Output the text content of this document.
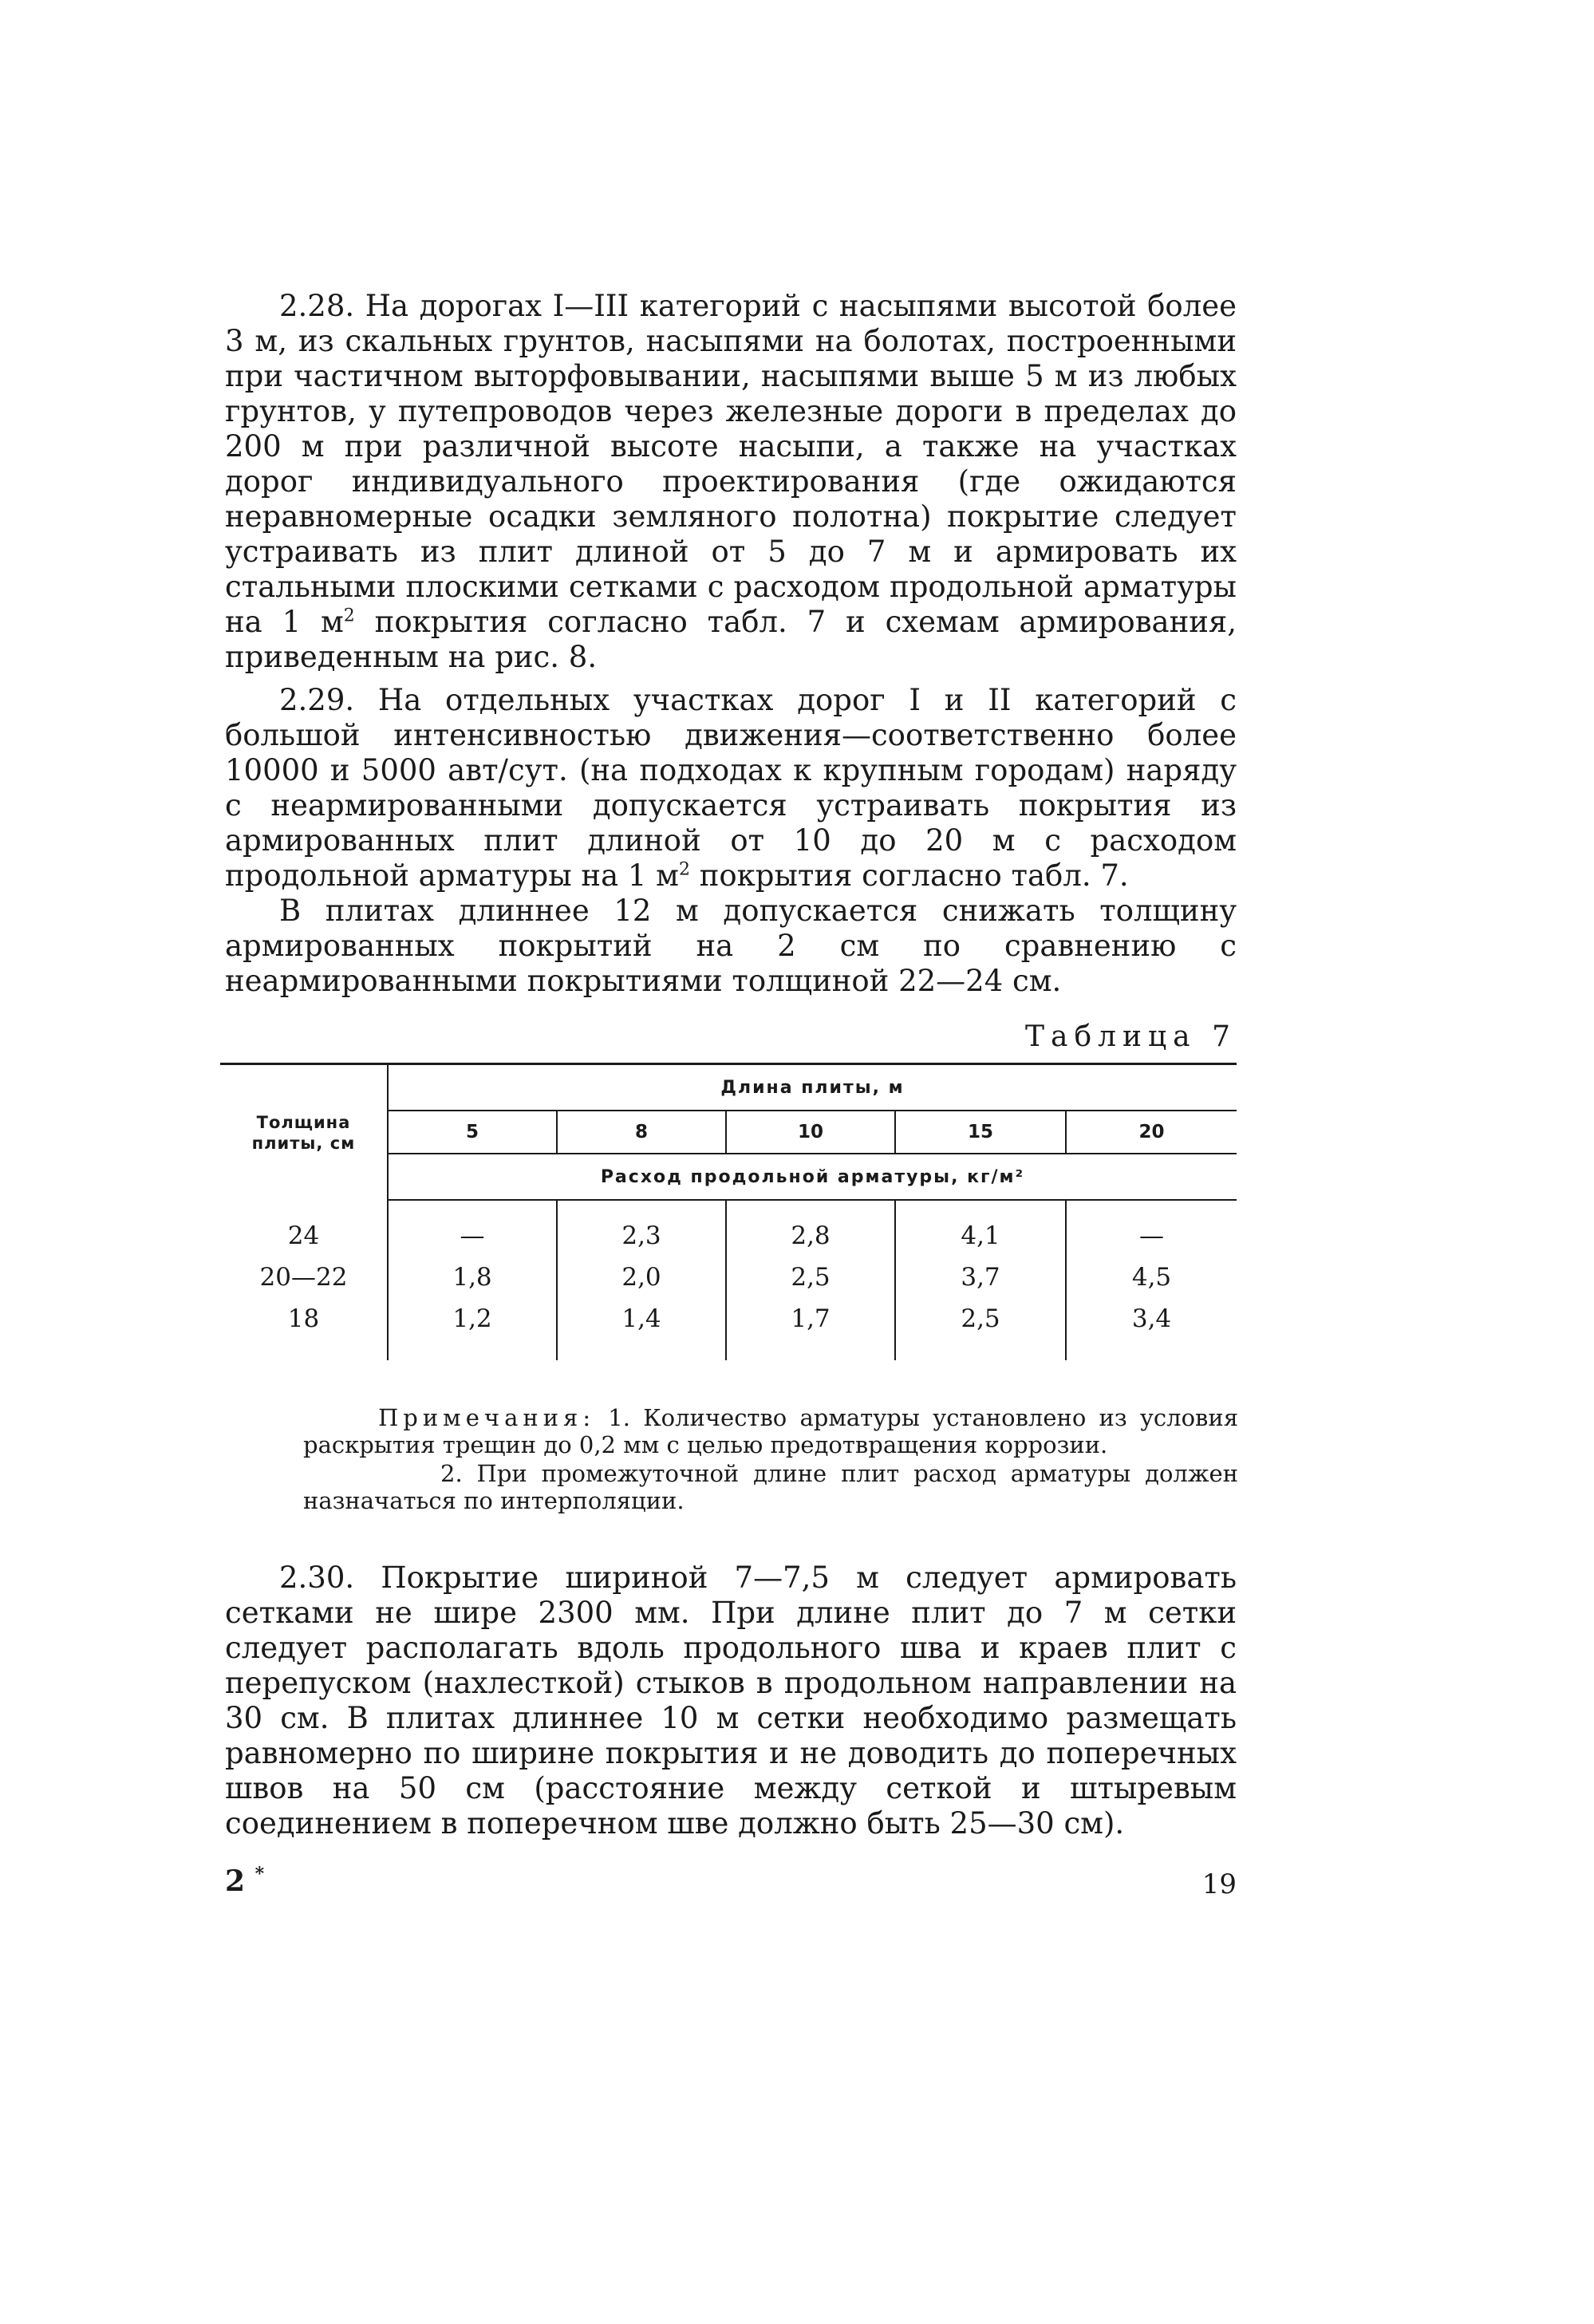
2.28. На дорогах I—III категорий с насыпями высотой более 3 м, из скальных грунтов, насыпями на болотах, построенными при частичном выторфовывании, насыпями выше 5 м из любых грунтов, у путепроводов через железные дороги в пределах до 200 м при различной высоте насыпи, а также на участках дорог индивидуального проектирования (где ожидаются неравномерные осадки земляного полотна) покрытие следует устраивать из плит длиной от 5 до 7 м и армировать их стальными плоскими сетками с расходом продольной арматуры на 1 $м^2$ покрытия согласно табл. 7 и схемам армирования, приведенным на рис. 8.

2.29. На отдельных участках дорог I и II категорий с большой интенсивностью движения—соответственно более 10000 и 5000 авт/сут. (на подходах к крупным городам) наряду с неармированными допускается устраивать покрытия из армированных плит длиной от 10 до 20 м с расходом продольной арматуры на 1 $м^2$ покрытия согласно табл. 7.

В плитах длиннее 12 м допускается снижать толщину армированных покрытий на 2 см по сравнению с неармированными покрытиями толщиной 22—24 см.

Таблица 7

Толщина плиты, см	Длина плиты, м				
	5	8	10	15	20
	Расход продольной арматуры, кг/м²				
24	—	2,3	2,8	4,1	—
20—22	1,8	2,0	2,5	3,7	4,5
18	1,2	1,4	1,7	2,5	3,4

Примечания: 1. Количество арматуры установлено из условия раскрытия трещин до 0,2 мм с целью предотвращения коррозии.

2. При промежуточной длине плит расход арматуры должен назначаться по интерполяции.

2.30. Покрытие шириной 7—7,5 м следует армировать сетками не шире 2300 мм. При длине плит до 7 м сетки следует располагать вдоль продольного шва и краев плит с перепуском (нахлесткой) стыков в продольном направлении на 30 см. В плитах длиннее 10 м сетки необходимо размещать равномерно по ширине покрытия и не доводить до поперечных швов на 50 см (расстояние между сеткой и штыревым соединением в поперечном шве должно быть 25—30 см).

2 *	19
